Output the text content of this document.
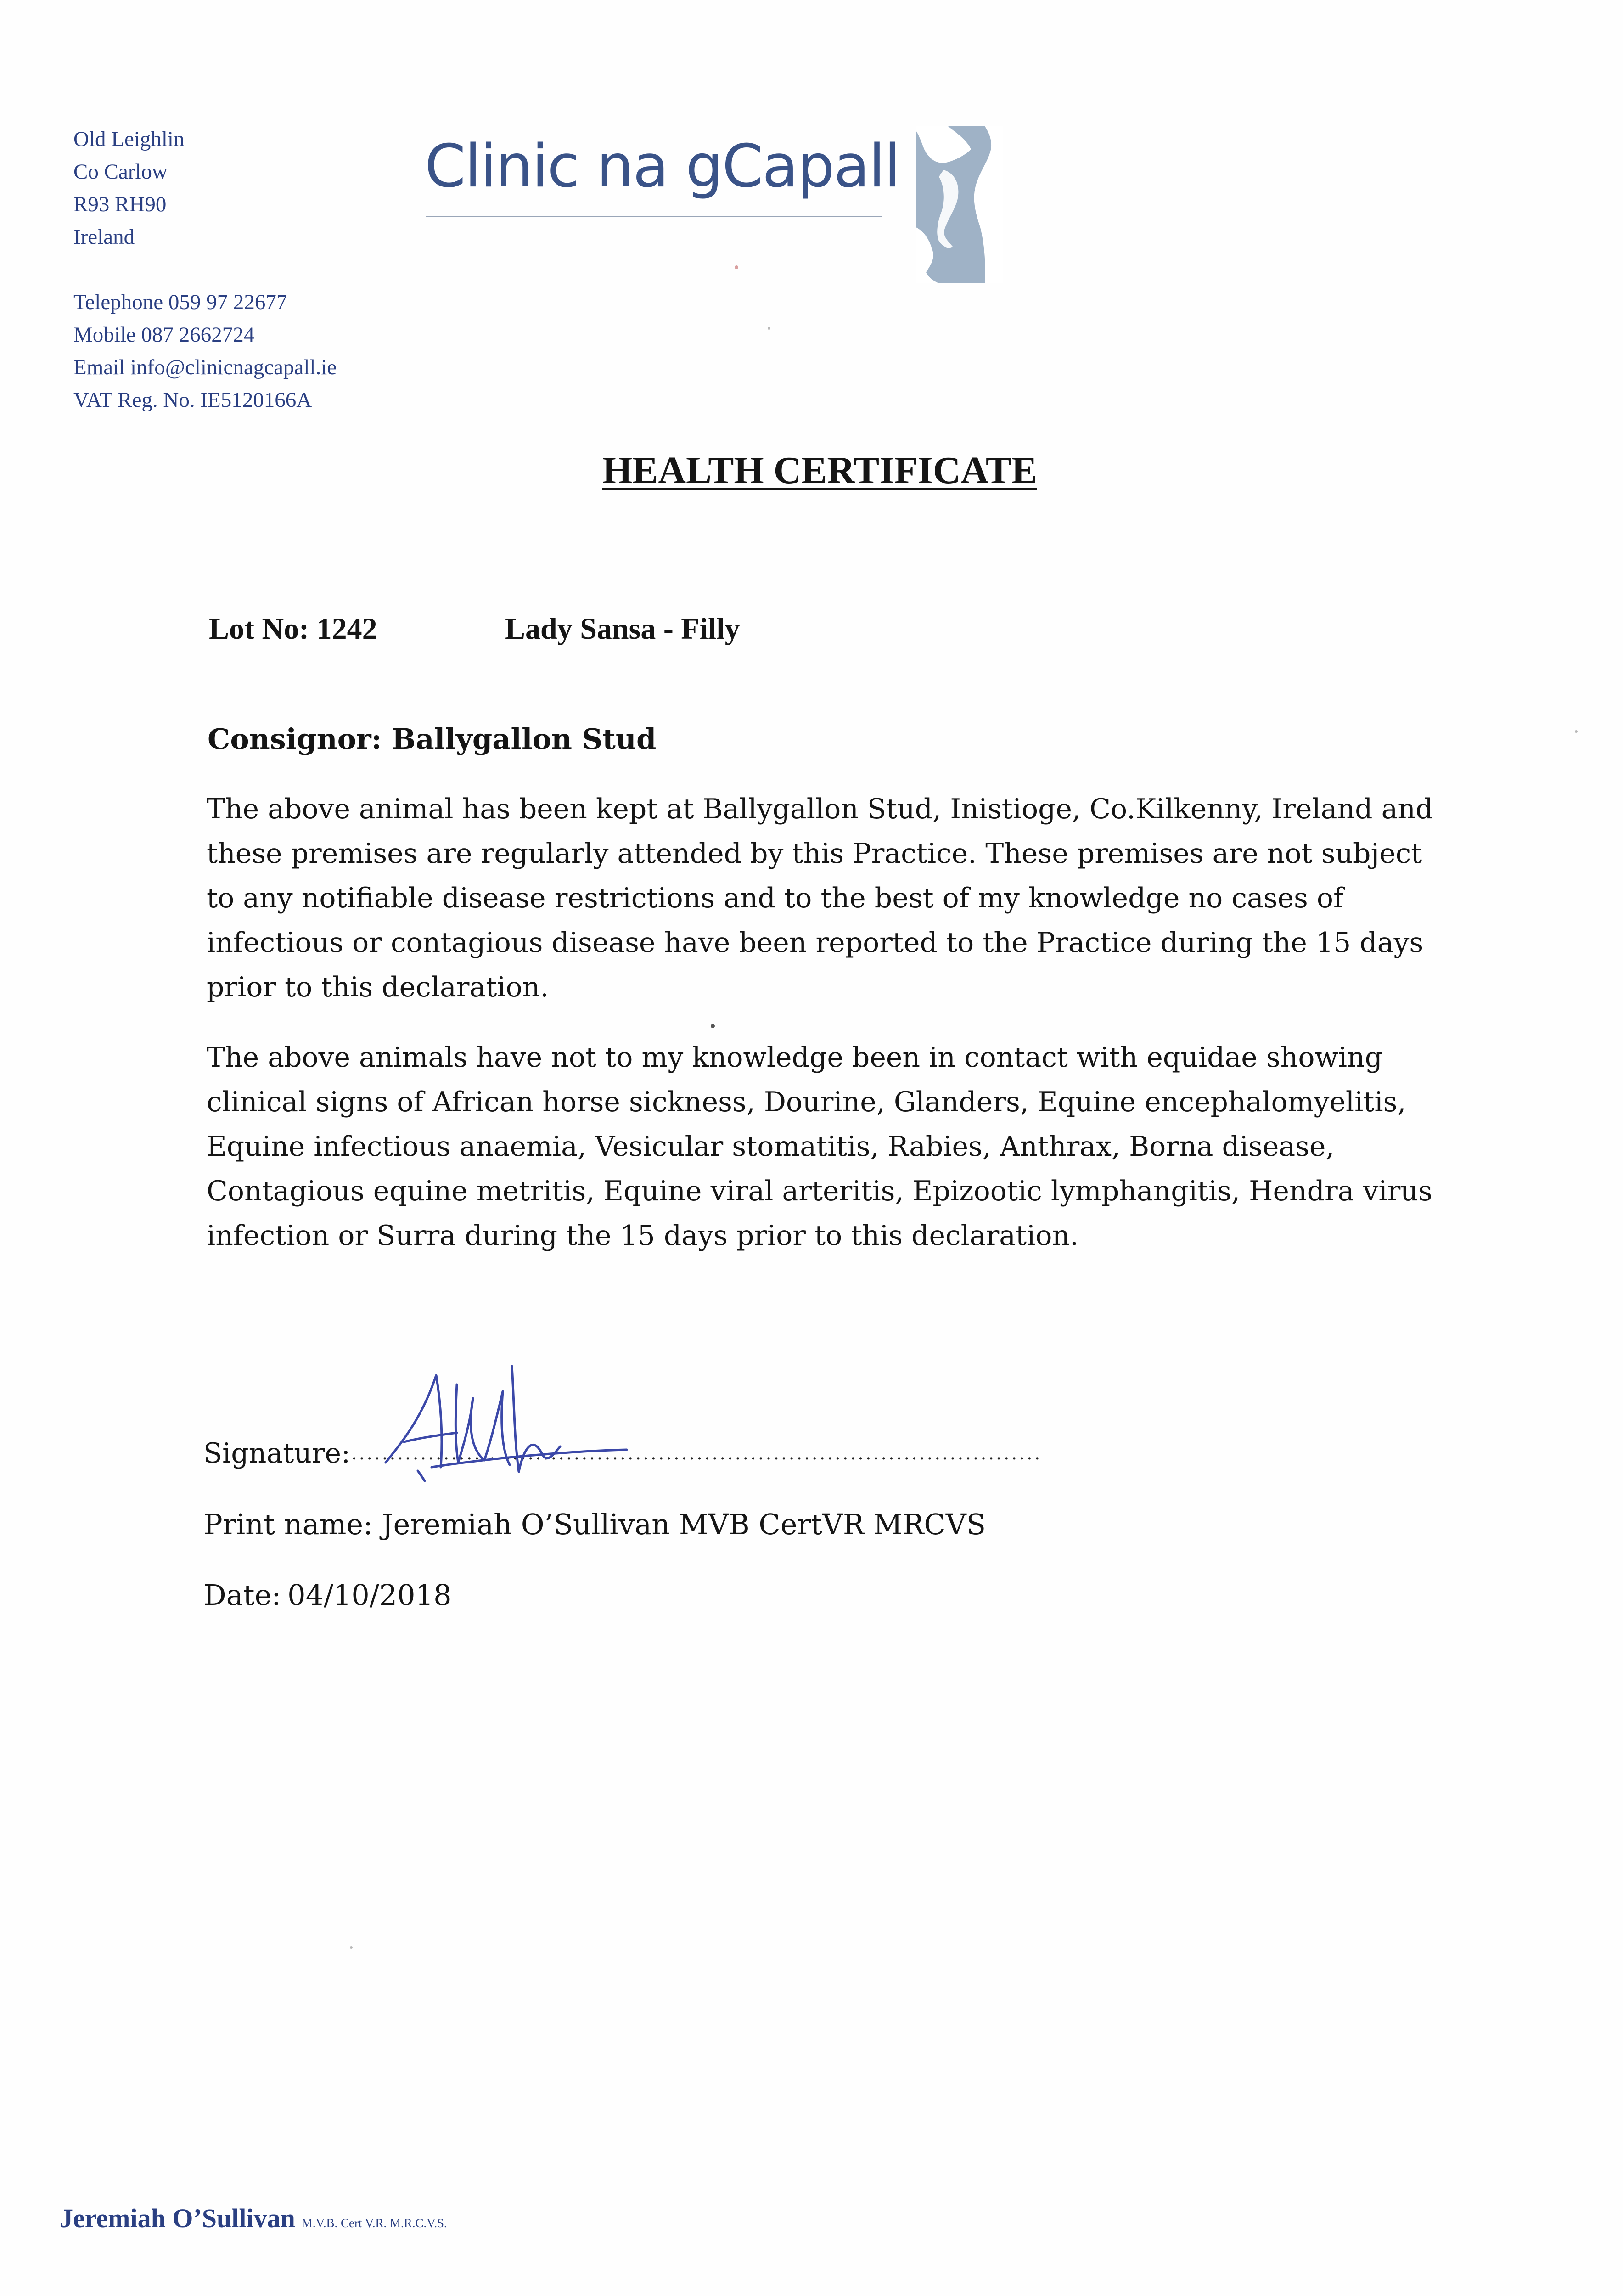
Old Leighlin
Co Carlow
R93 RH90
Ireland
Telephone 059 97 22677
Mobile 087 2662724
Email info@clinicnagcapall.ie
VAT Reg. No. IE5120166A
Clinic na gCapall
HEALTH CERTIFICATE
Lot No: 1242	Lady Sansa - Filly
Consignor: Ballygallon Stud
The above animal has been kept at Ballygallon Stud, Inistioge, Co.Kilkenny, Ireland and
these premises are regularly attended by this Practice. These premises are not subject
to any notifiable disease restrictions and to the best of my knowledge no cases of
infectious or contagious disease have been reported to the Practice during the 15 days
prior to this declaration.
The above animals have not to my knowledge been in contact with equidae showing
clinical signs of African horse sickness, Dourine, Glanders, Equine encephalomyelitis,
Equine infectious anaemia, Vesicular stomatitis, Rabies, Anthrax, Borna disease,
Contagious equine metritis, Equine viral arteritis, Epizootic lymphangitis, Hendra virus
infection or Surra during the 15 days prior to this declaration.
Signature: ..........................................................................................
Print name: Jeremiah O’Sullivan MVB CertVR MRCVS
Date: 04/10/2018
Jeremiah O’Sullivan M.V.B. Cert V.R. M.R.C.V.S.
